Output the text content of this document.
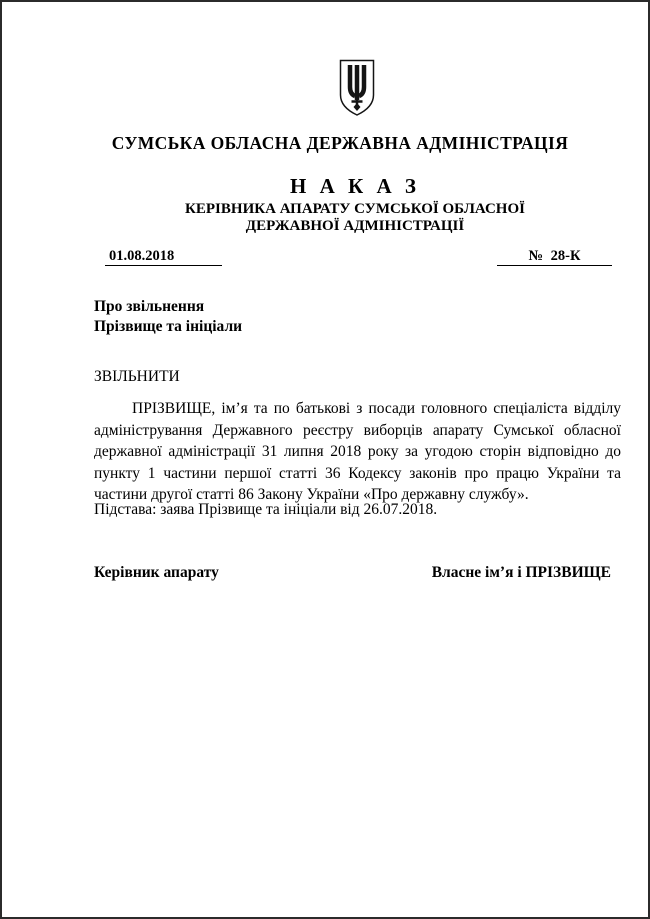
СУМСЬКА ОБЛАСНА ДЕРЖАВНА АДМІНІСТРАЦІЯ
Н А К А З
КЕРІВНИКА АПАРАТУ СУМСЬКОЇ ОБЛАСНОЇ
ДЕРЖАВНОЇ АДМІНІСТРАЦІЇ
01.08.2018	№ 28-К
Про звільнення
Прізвище та ініціали
ЗВІЛЬНИТИ
ПРІЗВИЩЕ, ім’я та по батькові з посади головного спеціаліста відділу адміністрування Державного реєстру виборців апарату Сумської обласної державної адміністрації 31 липня 2018 року за угодою сторін відповідно до пункту 1 частини першої статті 36 Кодексу законів про працю України та частини другої статті 86 Закону України «Про державну службу».
Підстава: заява Прізвище та ініціали від 26.07.2018.
Керівник апарату	Власне ім’я і ПРІЗВИЩЕ
